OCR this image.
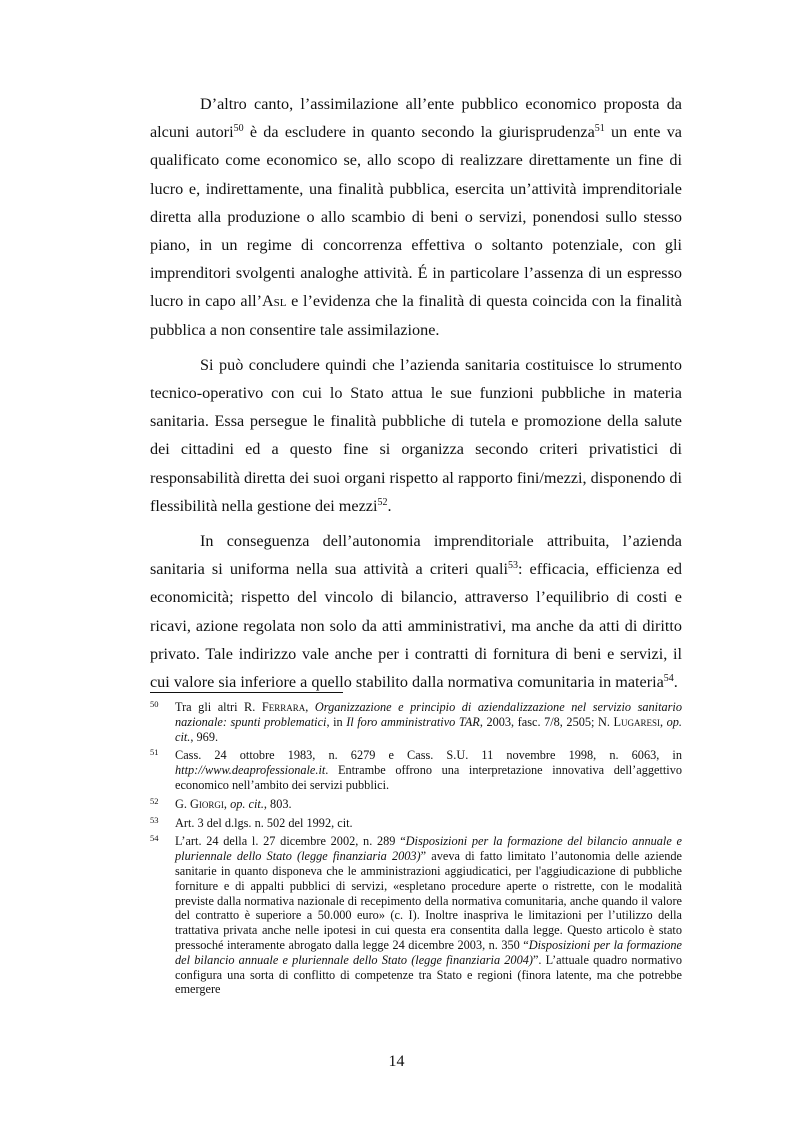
D’altro canto, l’assimilazione all’ente pubblico economico proposta da alcuni autori$^{50}$ è da escludere in quanto secondo la giurisprudenza$^{51}$ un ente va qualificato come economico se, allo scopo di realizzare direttamente un fine di lucro e, indirettamente, una finalità pubblica, esercita un’attività imprenditoriale diretta alla produzione o allo scambio di beni o servizi, ponendosi sullo stesso piano, in un regime di concorrenza effettiva o soltanto potenziale, con gli imprenditori svolgenti analoghe attività. É in particolare l’assenza di un espresso lucro in capo all’Asl e l’evidenza che la finalità di questa coincida con la finalità pubblica a non consentire tale assimilazione.

Si può concludere quindi che l’azienda sanitaria costituisce lo strumento tecnico-operativo con cui lo Stato attua le sue funzioni pubbliche in materia sanitaria. Essa persegue le finalità pubbliche di tutela e promozione della salute dei cittadini ed a questo fine si organizza secondo criteri privatistici di responsabilità diretta dei suoi organi rispetto al rapporto fini/mezzi, disponendo di flessibilità nella gestione dei mezzi$^{52}$.

In conseguenza dell’autonomia imprenditoriale attribuita, l’azienda sanitaria si uniforma nella sua attività a criteri quali$^{53}$: efficacia, efficienza ed economicità; rispetto del vincolo di bilancio, attraverso l’equilibrio di costi e ricavi, azione regolata non solo da atti amministrativi, ma anche da atti di diritto privato. Tale indirizzo vale anche per i contratti di fornitura di beni e servizi, il cui valore sia inferiore a quello stabilito dalla normativa comunitaria in materia$^{54}$.

50 Tra gli altri R. Ferrara, Organizzazione e principio di aziendalizzazione nel servizio sanitario nazionale: spunti problematici, in Il foro amministrativo TAR, 2003, fasc. 7/8, 2505; N. Lugaresi, op. cit., 969.
51 Cass. 24 ottobre 1983, n. 6279 e Cass. S.U. 11 novembre 1998, n. 6063, in http://www.deaprofessionale.it. Entrambe offrono una interpretazione innovativa dell’aggettivo economico nell’ambito dei servizi pubblici.
52 G. Giorgi, op. cit., 803.
53 Art. 3 del d.lgs. n. 502 del 1992, cit.
54 L’art. 24 della l. 27 dicembre 2002, n. 289 “Disposizioni per la formazione del bilancio annuale e pluriennale dello Stato (legge finanziaria 2003)” aveva di fatto limitato l’autonomia delle aziende sanitarie in quanto disponeva che le amministrazioni aggiudicatici, per l'aggiudicazione di pubbliche forniture e di appalti pubblici di servizi, «espletano procedure aperte o ristrette, con le modalità previste dalla normativa nazionale di recepimento della normativa comunitaria, anche quando il valore del contratto è superiore a 50.000 euro» (c. I). Inoltre inaspriva le limitazioni per l’utilizzo della trattativa privata anche nelle ipotesi in cui questa era consentita dalla legge. Questo articolo è stato pressoché interamente abrogato dalla legge 24 dicembre 2003, n. 350 “Disposizioni per la formazione del bilancio annuale e pluriennale dello Stato (legge finanziaria 2004)”. L’attuale quadro normativo configura una sorta di conflitto di competenze tra Stato e regioni (finora latente, ma che potrebbe emergere
14
